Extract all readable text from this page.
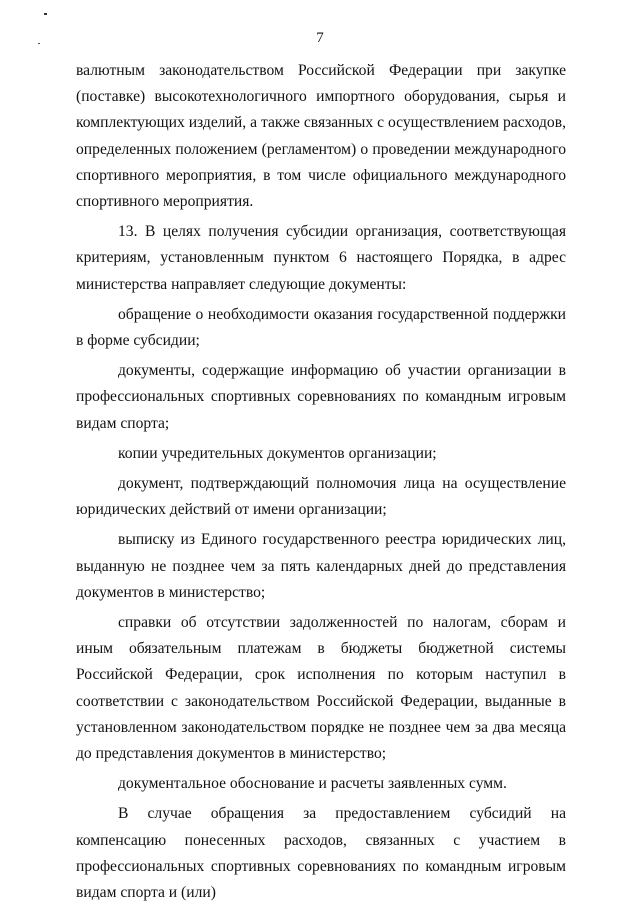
7

валютным законодательством Российской Федерации при закупке (поставке) высокотехнологичного импортного оборудования, сырья и комплектующих изделий, а также связанных с осуществлением расходов, определенных положением (регламентом) о проведении международного спортивного мероприятия, в том числе официального международного спортивного мероприятия.

13. В целях получения субсидии организация, соответствующая критериям, установленным пунктом 6 настоящего Порядка, в адрес министерства направляет следующие документы:

обращение о необходимости оказания государственной поддержки в форме субсидии;

документы, содержащие информацию об участии организации в профессиональных спортивных соревнованиях по командным игровым видам спорта;

копии учредительных документов организации;

документ, подтверждающий полномочия лица на осуществление юридических действий от имени организации;

выписку из Единого государственного реестра юридических лиц, выданную не позднее чем за пять календарных дней до представления документов в министерство;

справки об отсутствии задолженностей по налогам, сборам и иным обязательным платежам в бюджеты бюджетной системы Российской Федерации, срок исполнения по которым наступил в соответствии с законодательством Российской Федерации, выданные в установленном законодательством порядке не позднее чем за два месяца до представления документов в министерство;

документальное обоснование и расчеты заявленных сумм.

В случае обращения за предоставлением субсидий на компенсацию понесенных расходов, связанных с участием в профессиональных спортивных соревнованиях по командным игровым видам спорта и (или)
